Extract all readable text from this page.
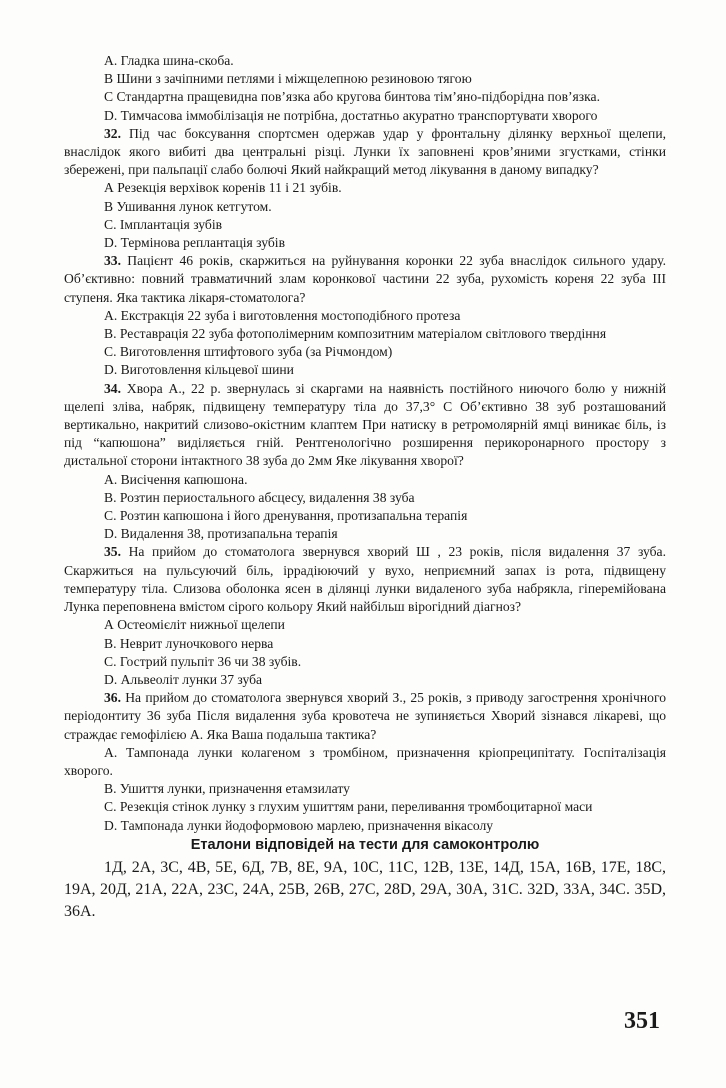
А. Гладка шина-скоба.
В Шини з зачіпними петлями і міжщелепною резиновою тягою
С Стандартна пращевидна пов’язка або кругова бинтова тім’яно-підборідна пов’язка.
D. Тимчасова іммобілізація не потрібна, достатньо акуратно транспортувати хворого
32. Під час боксування спортсмен одержав удар у фронтальну ділянку верхньої щелепи, внаслідок якого вибиті два центральні різці. Лунки їх заповнені кров’яними згустками, стінки збережені, при пальпації слабо болючі Який найкращий метод лікування в даному випадку?
А Резекція верхівок коренів 11 і 21 зубів.
В Ушивання лунок кетгутом.
С. Імплантація зубів
D. Термінова реплантація зубів
33. Пацієнт 46 років, скаржиться на руйнування коронки 22 зуба внаслідок сильного удару. Об’єктивно: повний травматичний злам коронкової частини 22 зуба, рухомість кореня 22 зуба ІІІ ступеня. Яка тактика лікаря-стоматолога?
А. Екстракція 22 зуба і виготовлення мостоподібного протеза
В. Реставрація 22 зуба фотополімерним композитним матеріалом світлового твердіння
С. Виготовлення штифтового зуба (за Річмондом)
D. Виготовлення кільцевої шини
34. Хвора А., 22 р. звернулась зі скаргами на наявність постійного ниючого болю у нижній щелепі зліва, набряк, підвищену температуру тіла до 37,3° С Об’єктивно 38 зуб розташований вертикально, накритий слизово-окістним клаптем При натиску в ретромолярній ямці виникає біль, із під “капюшона” виділяється гній. Рентгенологічно розширення перикоронарного простору з дистальної сторони інтактного 38 зуба до 2мм Яке лікування хворої?
А. Висічення капюшона.
В. Розтин периостального абсцесу, видалення 38 зуба
С. Розтин капюшона і його дренування, протизапальна терапія
D. Видалення 38, протизапальна терапія
35. На прийом до стоматолога звернувся хворий Ш , 23 років, після видалення 37 зуба. Скаржиться на пульсуючий біль, іррадіюючий у вухо, неприємний запах із рота, підвищену температуру тіла. Слизова оболонка ясен в ділянці лунки видаленого зуба набрякла, гіперемійована Лунка переповнена вмістом сірого кольору Який найбільш вірогідний діагноз?
А Остеомієліт нижньої щелепи
В. Неврит луночкового нерва
С. Гострий пульпіт 36 чи 38 зубів.
D. Альвеоліт лунки 37 зуба
36. На прийом до стоматолога звернувся хворий З., 25 років, з приводу загострення хронічного періодонтиту 36 зуба Після видалення зуба кровотеча не зупиняється Хворий зізнався лікареві, що страждає гемофілією А. Яка Ваша подальша тактика?
А. Тампонада лунки колагеном з тромбіном, призначення кріопреципітату. Госпіталізація хворого.
В. Ушиття лунки, призначення етамзилату
С. Резекція стінок лунку з глухим ушиттям рани, переливання тромбоцитарної маси
D. Тампонада лунки йодоформовою марлею, призначення вікасолу
Еталони відповідей на тести для самоконтролю
1Д, 2А, 3С, 4В, 5Е, 6Д, 7В, 8Е, 9А, 10С, 11С, 12В, 13Е, 14Д, 15А, 16В, 17Е, 18С, 19А, 20Д, 21А, 22А, 23С, 24А, 25В, 26В, 27С, 28D, 29А, 30А, 31С. 32D, 33А, 34С. 35D, 36А.
351
